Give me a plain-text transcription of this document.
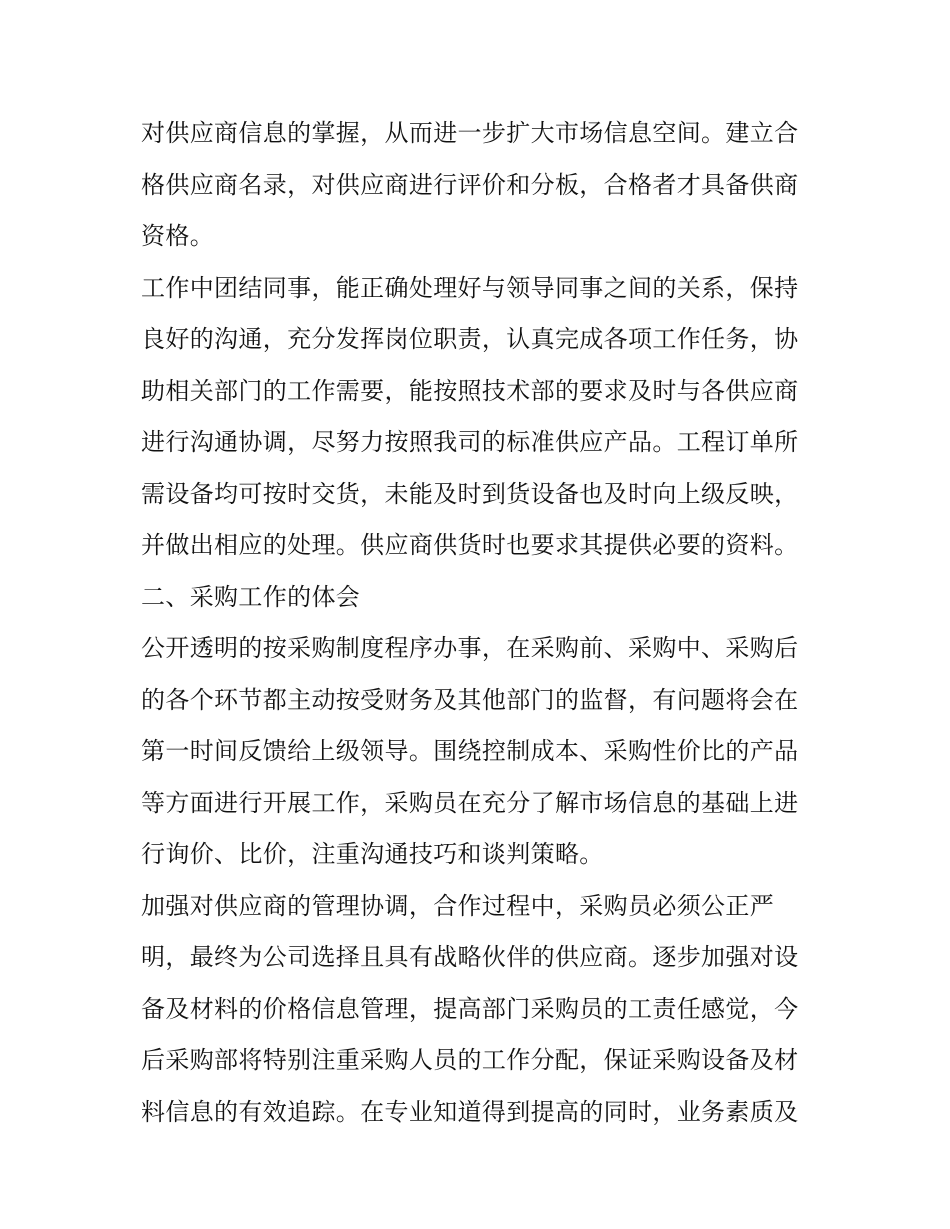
对供应商信息的掌握，从而进一步扩大市场信息空间。建立合
格供应商名录，对供应商进行评价和分板，合格者才具备供商
资格。
工作中团结同事，能正确处理好与领导同事之间的关系，保持
良好的沟通，充分发挥岗位职责，认真完成各项工作任务，协
助相关部门的工作需要，能按照技术部的要求及时与各供应商
进行沟通协调，尽努力按照我司的标准供应产品。工程订单所
需设备均可按时交货，未能及时到货设备也及时向上级反映，
并做出相应的处理。供应商供货时也要求其提供必要的资料。
二、采购工作的体会
公开透明的按采购制度程序办事，在采购前、采购中、采购后
的各个环节都主动按受财务及其他部门的监督，有问题将会在
第一时间反馈给上级领导。围绕控制成本、采购性价比的产品
等方面进行开展工作，采购员在充分了解市场信息的基础上进
行询价、比价，注重沟通技巧和谈判策略。
加强对供应商的管理协调，合作过程中，采购员必须公正严
明，最终为公司选择且具有战略伙伴的供应商。逐步加强对设
备及材料的价格信息管理，提高部门采购员的工责任感觉，今
后采购部将特别注重采购人员的工作分配，保证采购设备及材
料信息的有效追踪。在专业知道得到提高的同时，业务素质及
